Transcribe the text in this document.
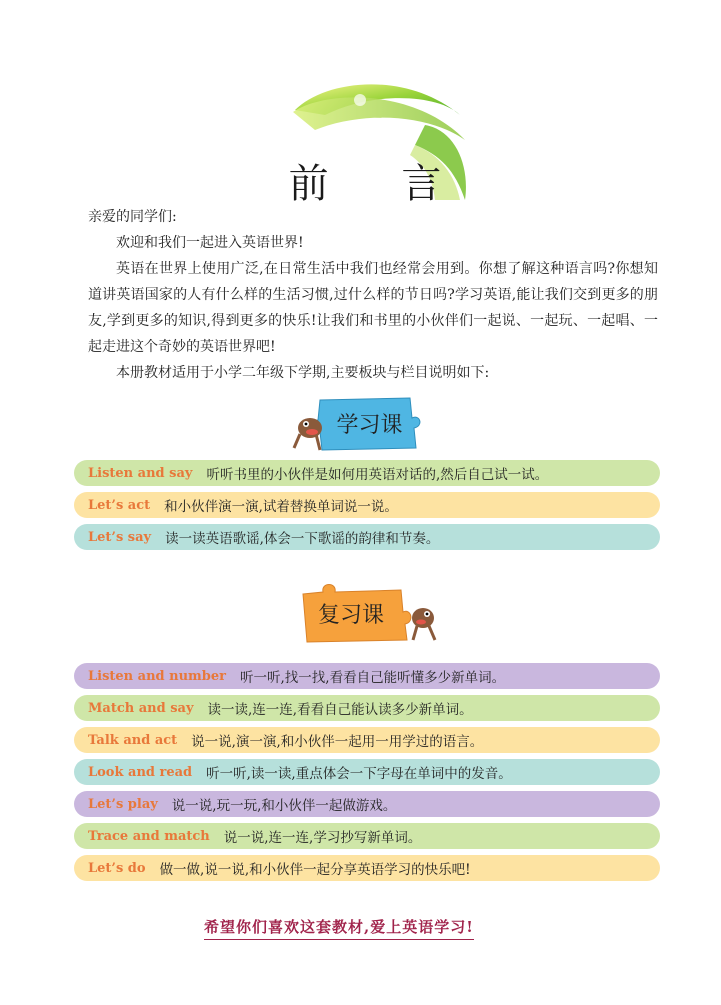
前 言

亲爱的同学们:

欢迎和我们一起进入英语世界!

英语在世界上使用广泛,在日常生活中我们也经常会用到。你想了解这种语言吗?你想知道讲英语国家的人有什么样的生活习惯,过什么样的节日吗?学习英语,能让我们交到更多的朋友,学到更多的知识,得到更多的快乐!让我们和书里的小伙伴们一起说、一起玩、一起唱、一起走进这个奇妙的英语世界吧!

本册教材适用于小学二年级下学期,主要板块与栏目说明如下:

学习课
Listen and say	听听书里的小伙伴是如何用英语对话的,然后自己试一试。
Let’s act	和小伙伴演一演,试着替换单词说一说。
Let’s say	读一读英语歌谣,体会一下歌谣的韵律和节奏。
复习课
Listen and number	听一听,找一找,看看自己能听懂多少新单词。
Match and say	读一读,连一连,看看自己能认读多少新单词。
Talk and act	说一说,演一演,和小伙伴一起用一用学过的语言。
Look and read	听一听,读一读,重点体会一下字母在单词中的发音。
Let’s play	说一说,玩一玩,和小伙伴一起做游戏。
Trace and match	说一说,连一连,学习抄写新单词。
Let’s do	做一做,说一说,和小伙伴一起分享英语学习的快乐吧!
希望你们喜欢这套教材,爱上英语学习!
